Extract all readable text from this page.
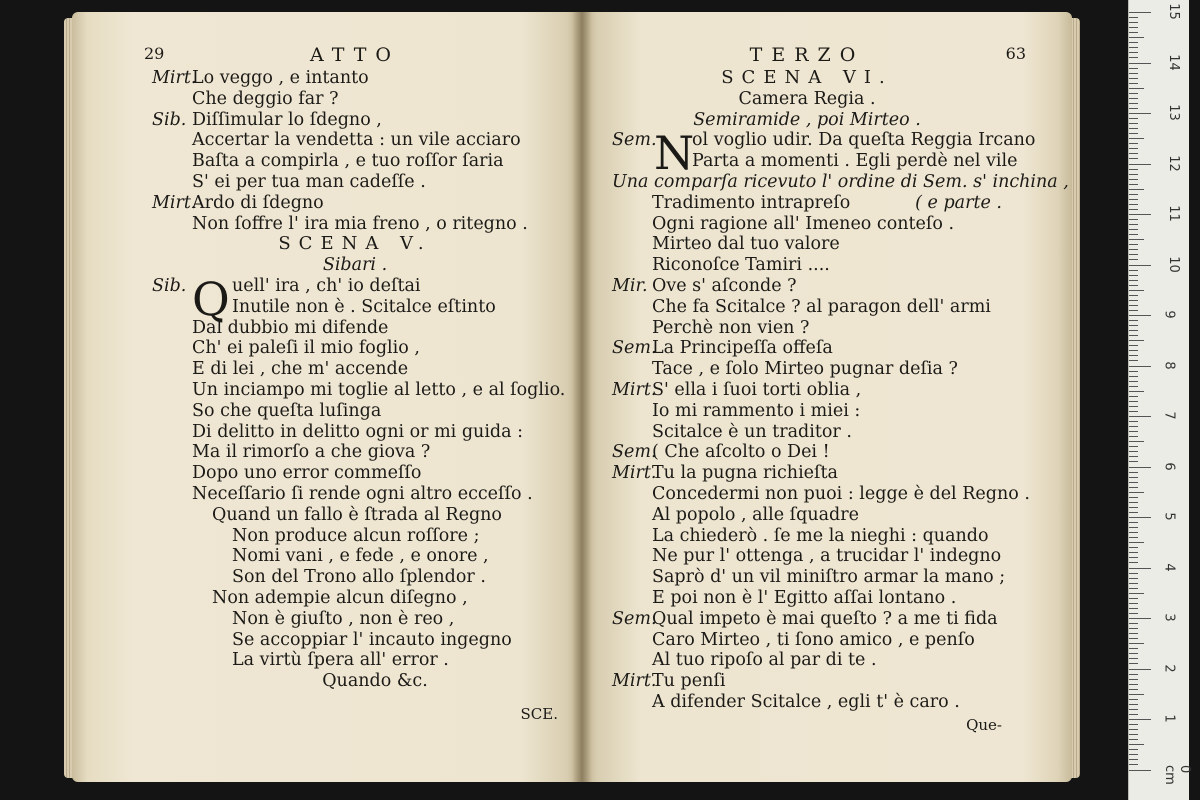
29	ATTO
Mirt.Lo veggo , e intanto
Che deggio far ?
Sib. Diſſimular lo ſdegno ,
Accertar la vendetta : un vile acciaro
Baſta a compirla , e tuo roſſor ſaria
S' ei per tua man cadeſſe .
Mirt.Ardo di ſdegno
Non ſoffre l' ira mia freno , o ritegno .
SCENA V.
Sibari .
Sib. Q uell' ira , ch' io deſtai
Inutile non è . Scitalce eſtinto
Dal dubbio mi difende
Ch' ei paleſi il mio foglio ,
E di lei , che m' accende
Un inciampo mi toglie al letto , e al ſoglio.
So che queſta luſinga
Di delitto in delitto ogni or mi guida :
Ma il rimorſo a che giova ?
Dopo uno error commeſſo
Neceſſario ſi rende ogni altro ecceſſo .
Quand un fallo è ſtrada al Regno
Non produce alcun roſſore ;
Nomi vani , e fede , e onore ,
Son del Trono allo ſplendor .
Non adempie alcun diſegno ,
Non è giuſto , non è reo ,
Se accoppiar l' incauto ingegno
La virtù ſpera all' error .
Quando &c.
SCE.
TERZO	63
SCENA VI.
Camera Regia .
Semiramide , poi Mirteo .
Sem.
N
ol voglio udir. Da queſta Reggia Ircano
Parta a momenti . Egli perdè nel vile
Una comparſa ricevuto l' ordine di Sem. s' inchina ,
Tradimento intrapreſo	( e parte .
Ogni ragione all' Imeneo conteſo .
Mirteo dal tuo valore
Riconoſce Tamiri ....
Mir. Ove s' aſconde ?
Che fa Scitalce ? al paragon dell' armi
Perchè non vien ?
Sem.La Principeſſa offeſa
Tace , e ſolo Mirteo pugnar deſia ?
Mirt.S' ella i ſuoi torti oblia ,
Io mi rammento i miei :
Scitalce è un traditor .
Sem.( Che aſcolto o Dei !
Mirt.Tu la pugna richieſta
Concedermi non puoi : legge è del Regno .
Al popolo , alle ſquadre
La chiederò . ſe me la nieghi : quando
Ne pur l' ottenga , a trucidar l' indegno
Saprò d' un vil miniſtro armar la mano ;
E poi non è l' Egitto aſſai lontano .
Sem.Qual impeto è mai queſto ? a me ti fida
Caro Mirteo , ti ſono amico , e penſo
Al tuo ripoſo al par di te .
Mirt.Tu penſi
A difender Scitalce , egli t' è caro .
Que-
15
14
13
12
11
10
9
8
7
6
5
4
3
2
1
0 cm
